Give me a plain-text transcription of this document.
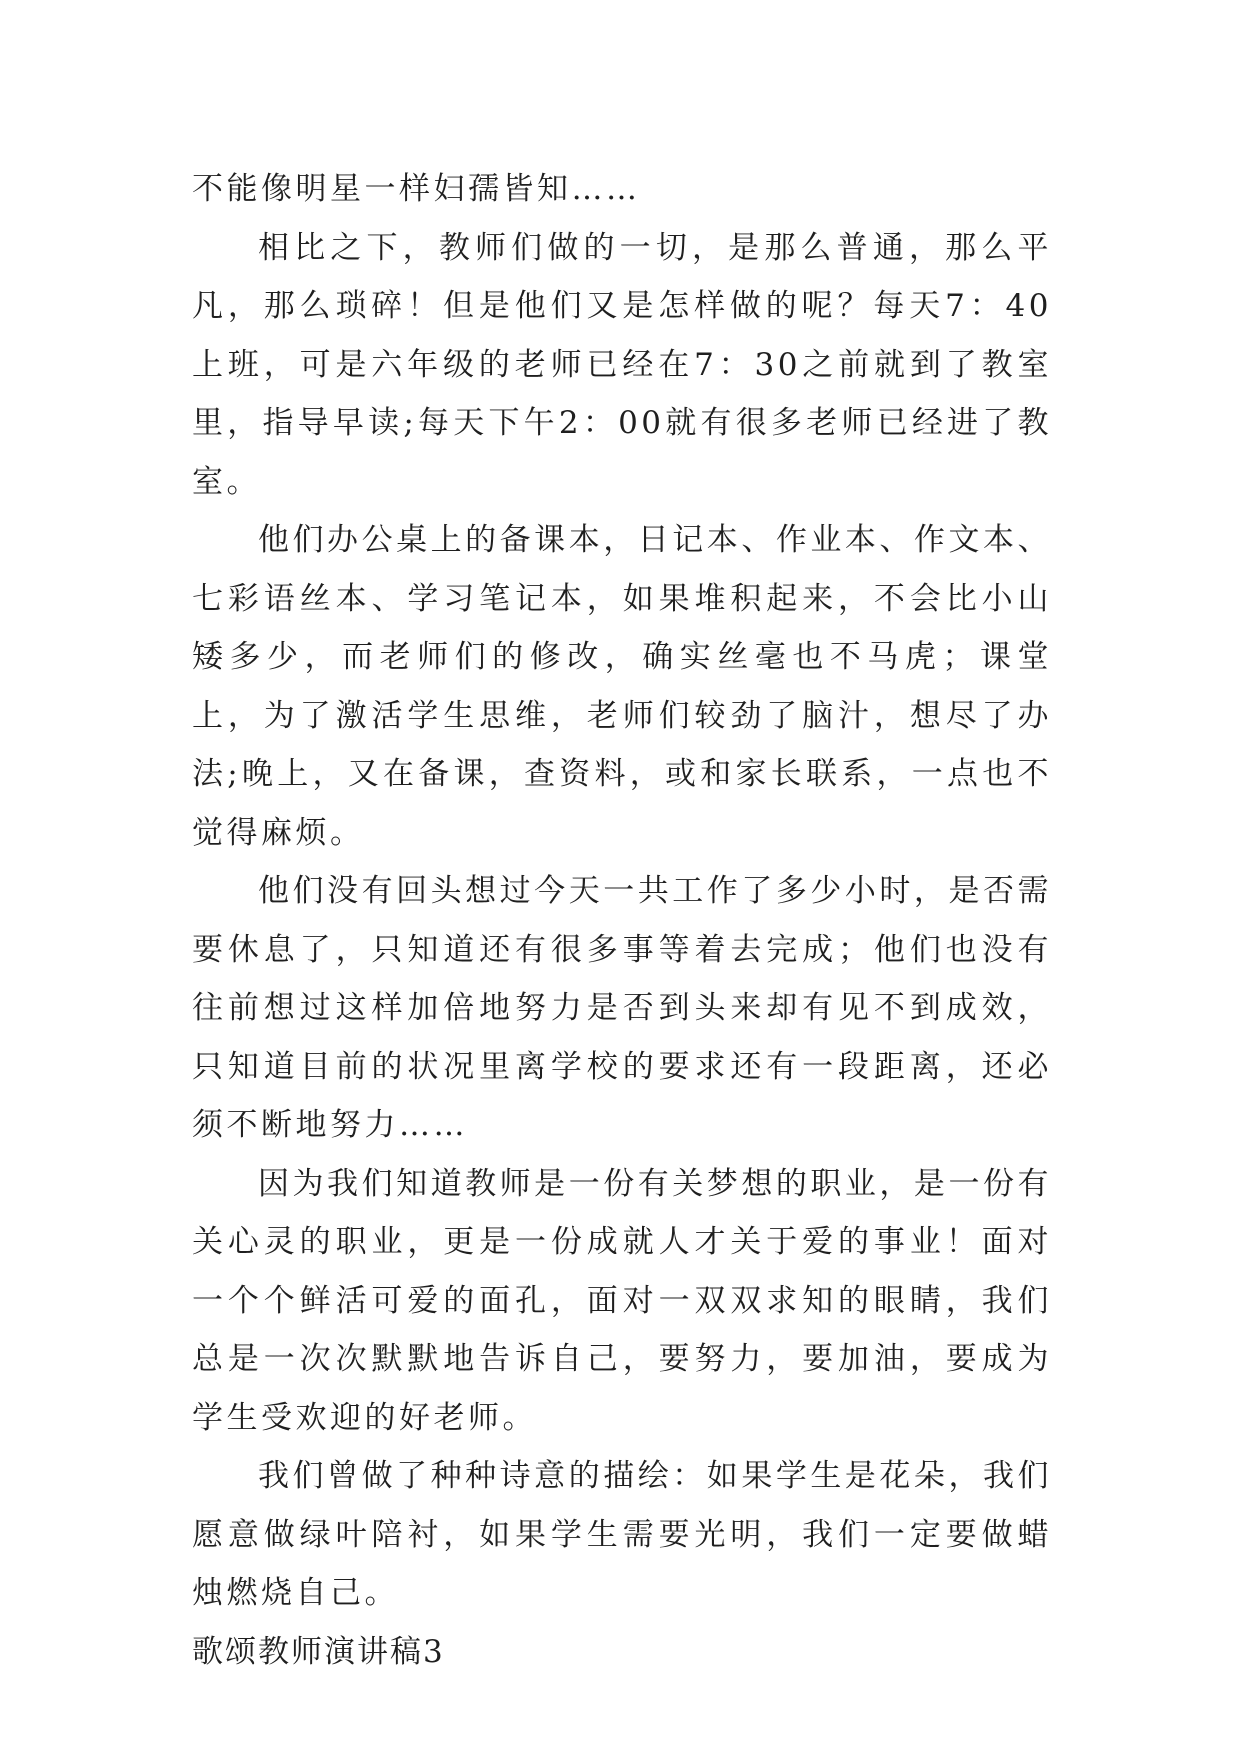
不能像明星一样妇孺皆知……

相比之下，教师们做的一切，是那么普通，那么平凡，那么琐碎！但是他们又是怎样做的呢？每天7：40上班，可是六年级的老师已经在7：30之前就到了教室里，指导早读;每天下午2：00就有很多老师已经进了教室。

他们办公桌上的备课本，日记本、作业本、作文本、七彩语丝本、学习笔记本，如果堆积起来，不会比小山矮多少，而老师们的修改，确实丝毫也不马虎；课堂上，为了激活学生思维，老师们较劲了脑汁，想尽了办法;晚上，又在备课，查资料，或和家长联系，一点也不觉得麻烦。

他们没有回头想过今天一共工作了多少小时，是否需要休息了，只知道还有很多事等着去完成；他们也没有往前想过这样加倍地努力是否到头来却有见不到成效，只知道目前的状况里离学校的要求还有一段距离，还必须不断地努力……

因为我们知道教师是一份有关梦想的职业，是一份有关心灵的职业，更是一份成就人才关于爱的事业！面对一个个鲜活可爱的面孔，面对一双双求知的眼睛，我们总是一次次默默地告诉自己，要努力，要加油，要成为学生受欢迎的好老师。

我们曾做了种种诗意的描绘：如果学生是花朵，我们愿意做绿叶陪衬，如果学生需要光明，我们一定要做蜡烛燃烧自己。

歌颂教师演讲稿3
